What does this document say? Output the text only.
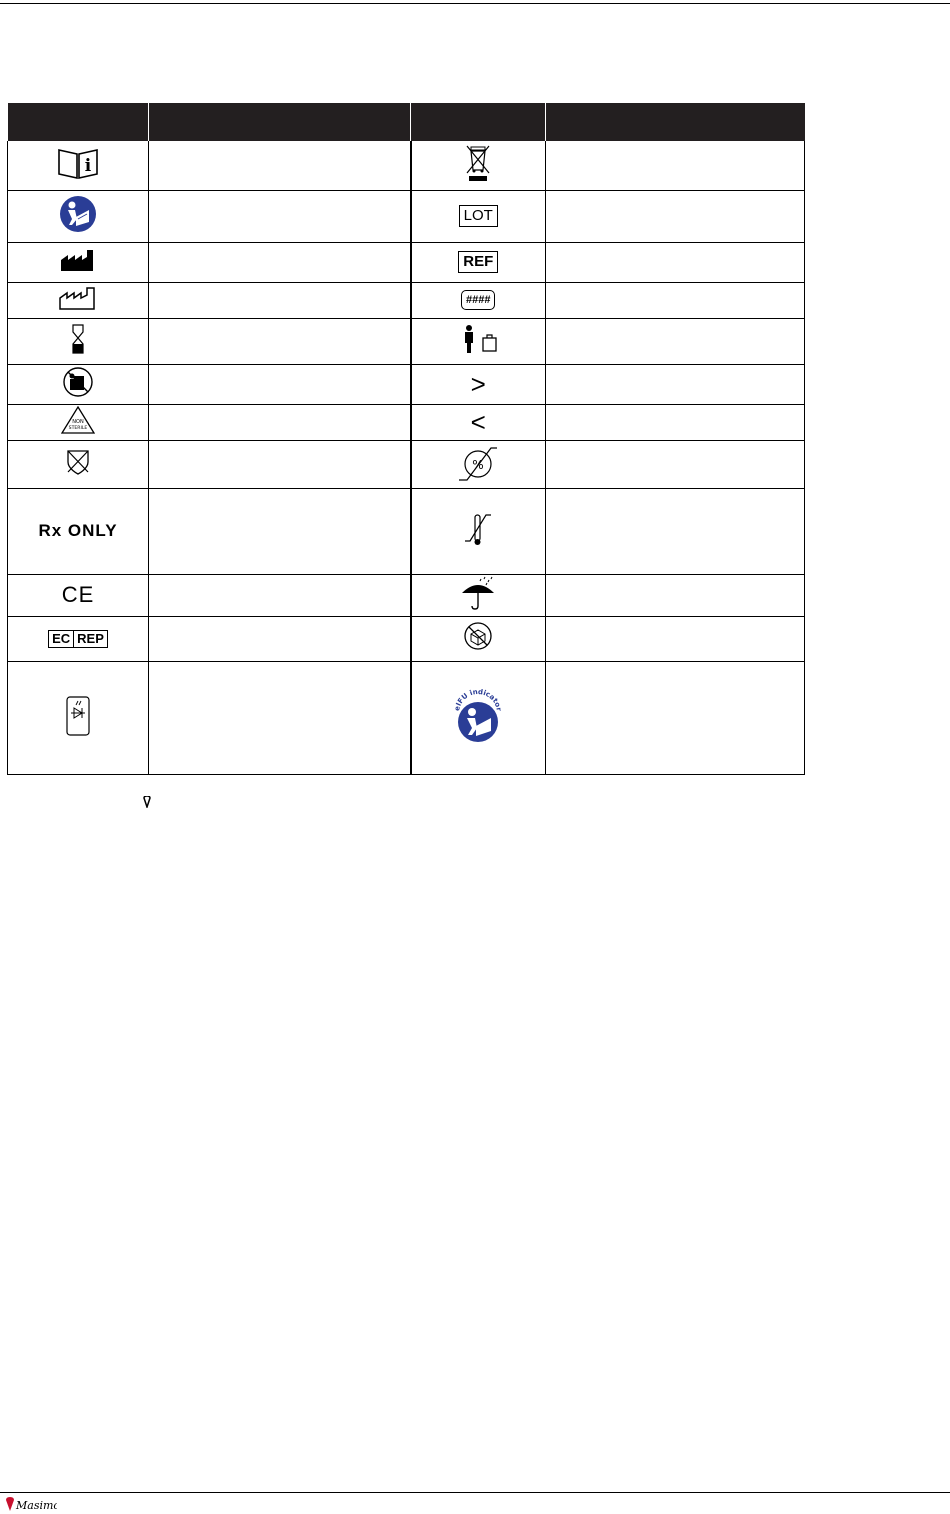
i

		LOT	
		REF	
		####	

		>	

NON
STERILE		<	

%	

Rx ONLY			
CE			

EC REP

eIFU indicator	

Masimo
